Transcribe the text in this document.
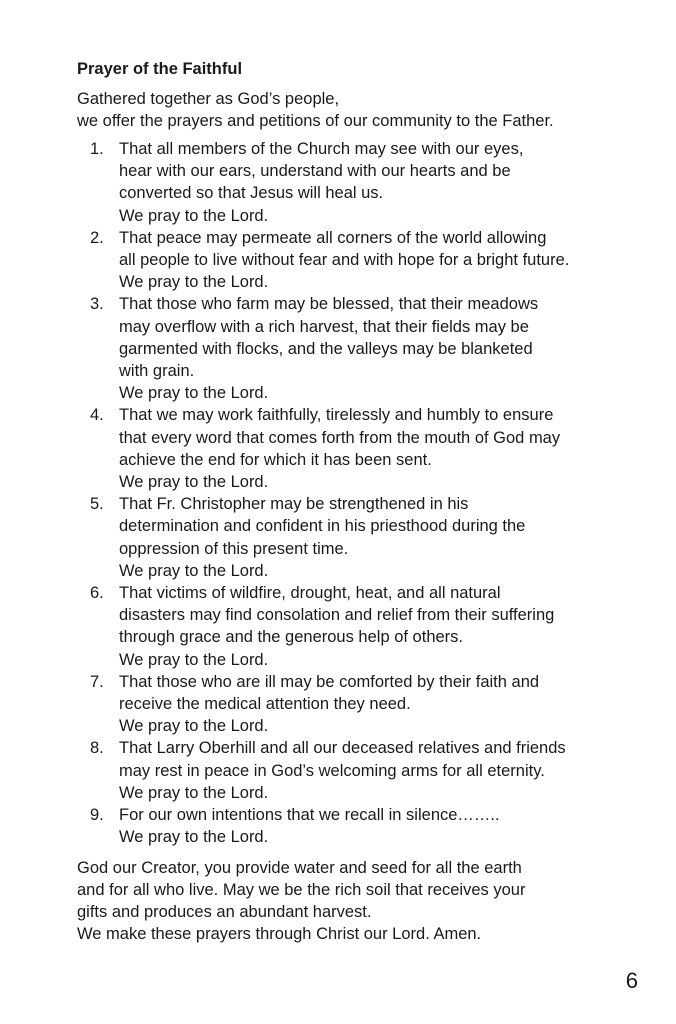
Prayer of the Faithful

Gathered together as God’s people,
we offer the prayers and petitions of our community to the Father.

1. That all members of the Church may see with our eyes,
hear with our ears, understand with our hearts and be
converted so that Jesus will heal us.
We pray to the Lord.
2. That peace may permeate all corners of the world allowing
all people to live without fear and with hope for a bright future.
We pray to the Lord.
3. That those who farm may be blessed, that their meadows
may overflow with a rich harvest, that their fields may be
garmented with flocks, and the valleys may be blanketed
with grain.
We pray to the Lord.
4. That we may work faithfully, tirelessly and humbly to ensure
that every word that comes forth from the mouth of God may
achieve the end for which it has been sent.
We pray to the Lord.
5. That Fr. Christopher may be strengthened in his
determination and confident in his priesthood during the
oppression of this present time.
We pray to the Lord.
6. That victims of wildfire, drought, heat, and all natural
disasters may find consolation and relief from their suffering
through grace and the generous help of others.
We pray to the Lord.
7. That those who are ill may be comforted by their faith and
receive the medical attention they need.
We pray to the Lord.
8. That Larry Oberhill and all our deceased relatives and friends
may rest in peace in God’s welcoming arms for all eternity.
We pray to the Lord.
9. For our own intentions that we recall in silence……..
We pray to the Lord.

God our Creator, you provide water and seed for all the earth
and for all who live. May we be the rich soil that receives your
gifts and produces an abundant harvest.
We make these prayers through Christ our Lord. Amen.

6
